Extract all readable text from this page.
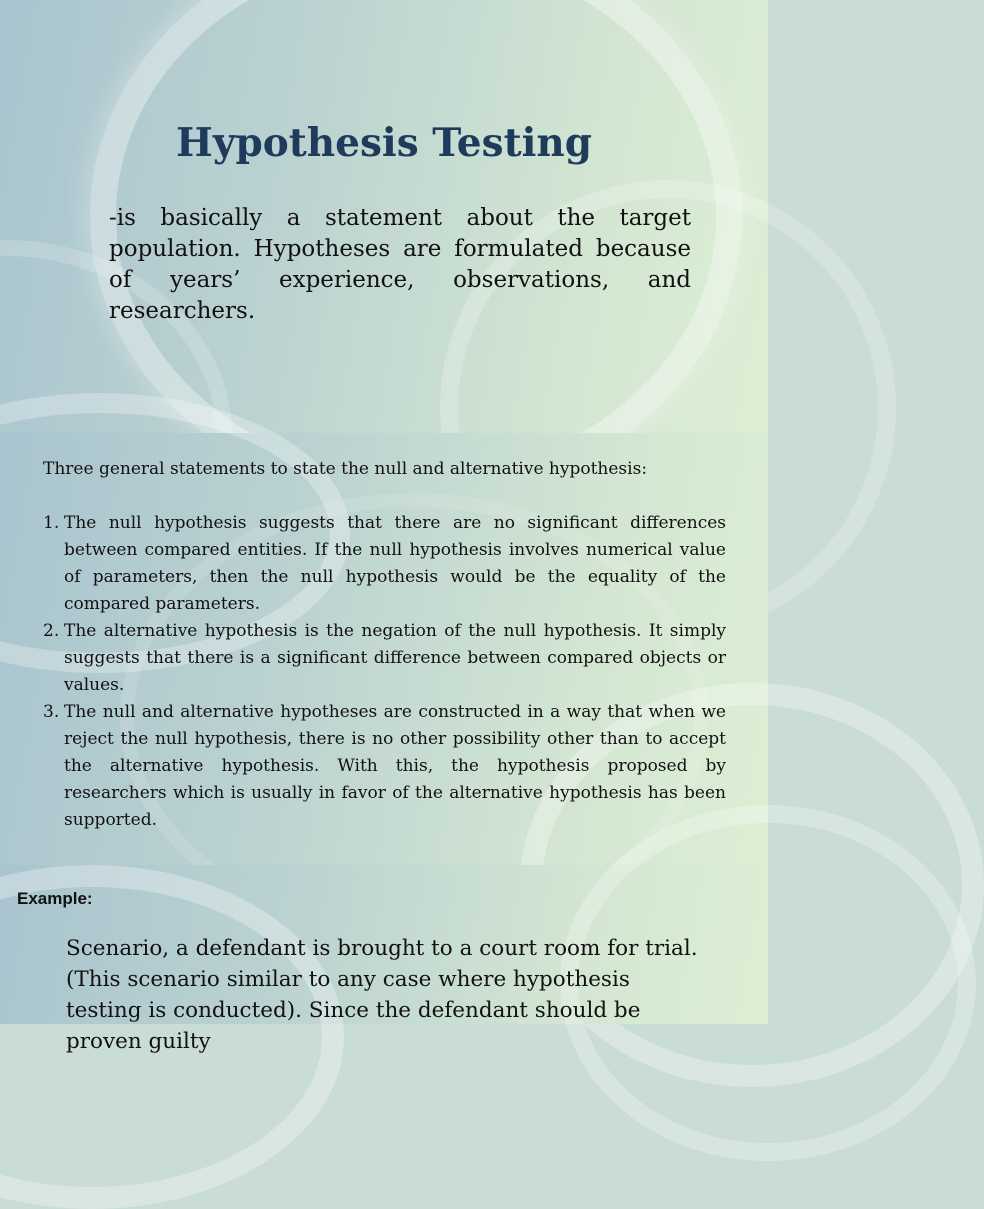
Hypothesis Testing

-is basically a statement about the target population. Hypotheses are formulated because of years’ experience, observations, and researchers.

Three general statements to state the null and alternative hypothesis:

1. The null hypothesis suggests that there are no significant differences between compared entities. If the null hypothesis involves numerical value of parameters, then the null hypothesis would be the equality of the compared parameters.
2. The alternative hypothesis is the negation of the null hypothesis. It simply suggests that there is a significant difference between compared objects or values.
3. The null and alternative hypotheses are constructed in a way that when we reject the null hypothesis, there is no other possibility other than to accept the alternative hypothesis. With this, the hypothesis proposed by researchers which is usually in favor of the alternative hypothesis has been supported.

Example:

Scenario, a defendant is brought to a court room for trial. (This scenario similar to any case where hypothesis testing is conducted). Since the defendant should be proven guilty
